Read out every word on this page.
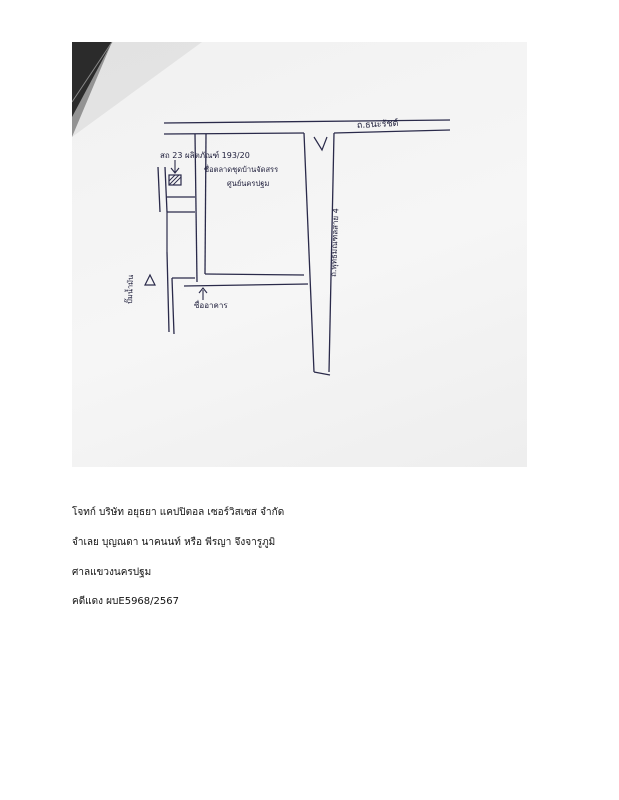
ถ.ธนะรัชต์
ถ.พุทธมณฑลสาย 4
สถ 23 ผลิตภัณฑ์ 193/20
ซื่อตลาดชุดบ้านจัดสรร
ศูนย์นครปฐม
ปั๊มน้ำมัน
ซื่ออาคาร
โจทก์ บริษัท อยุธยา แคปปิตอล เซอร์วิสเซส จำกัด
จำเลย บุญณดา นาคนนท์ หรือ พีรญา จึงจารูภูมิ
ศาลแขวงนครปฐม
คดีแดง ผบE5968/2567
